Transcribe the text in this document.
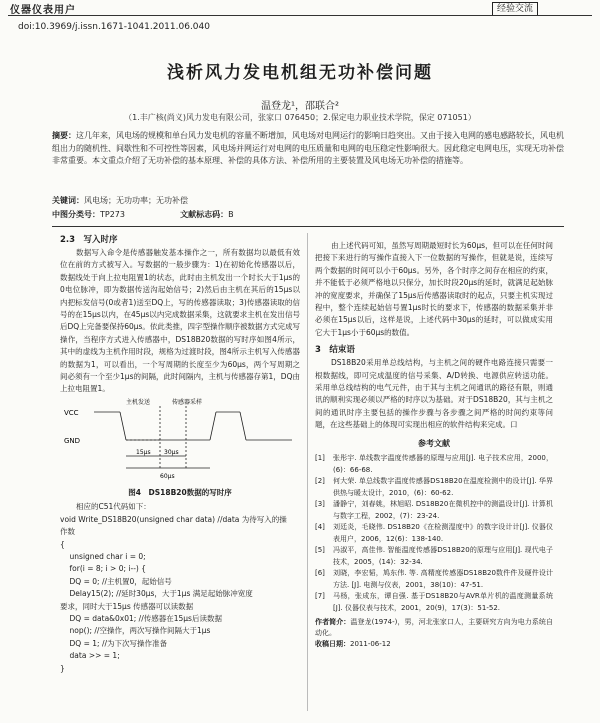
仪器仪表用户	经验交流
doi:10.3969/j.issn.1671-1041.2011.06.040
浅析风力发电机组无功补偿问题
温登龙¹，邵联合²
（1.丰广核(尚义)风力发电有限公司，张家口 076450；2.保定电力职业技术学院，保定 071051）
摘要：这几年来，风电场的规模和单台风力发电机的容量不断增加，风电场对电网运行的影响日趋突出。又由于接入电网的感电感路较长，风电机组出力的随机性、间歇性和不可控性等因素，风电场并网运行对电网的电压质量和电网的电压稳定性影响很大。因此稳定电网电压，实现无功补偿非常重要。本文重点介绍了无功补偿的基本原理、补偿的具体方法、补偿所用的主要装置及风电场无功补偿的措施等。
关键词：风电场；无功功率；无功补偿
中图分类号：TP273	文献标志码：B
2.3　写入时序

数据写入命令是传感器触发基本操作之一，所有数据均以最低有效位在前的方式被写入。写数据的一般步骤为：1)在初始化传感器以后，数据线处于向上拉电阻置1的状态，此时由主机发出一个时长大于1μs的0电位脉冲，即为数据传送沟起始信号；2)然后由主机在其后的15μs以内把标发信号(0或者1)送至DQ上，写的传感器读取；3)传感器读取的信号的在15μs以内，在45μs以内完成数据采集，这就要求主机在发出信号后DQ上完备要保持60μs。依此类推，四字型操作顺序被数据方式完成写操作，当程序方式进入传感器中，DS18B20数据的写时序如图4所示，其中的虚线为主机作用时段，规格为过渡时段，图4所示主机写入传感器的数据为1，可以看出，一个写周期的长度至少为60μs，两个写周期之间必须有一个至少1μs的间隔，此时间隔内，主机与传感器存第1，DQ由上拉电阻置1。

主机发送	传感器采样
VCC
GND
15μs 30μs
60μs
图4　DS18B20数据的写时序

相应的C51代码如下：

void Write_DS18B20(unsigned char data) //data 为待写入的操
作数
{
unsigned char i = 0;
for(i = 8; i > 0; i--) {
DQ = 0; //主机置0，起始信号
Delay15(2); //延时30μs，大于1μs 满足起始脉冲宽度
要求，同时大于15μs 传感器可以读数据
DQ = data&0x01; //传感器在15μs后读数据
nop(); //空操作，两次写操作间隔大于1μs
DQ = 1; //为下次写操作准备
data >> = 1;
}

由上述代码可知，虽然写周期最短时长为60μs，但可以在任何时间把接下来进行的写操作直接入下一位数据的写操作，但就是说，连续写两个数据的时间可以小于60μs。另外，各个时序之间存在相应的约束，并不能低于必须严格地以只保分，加长时段20μs的延时，就满足起始脉冲的宽度要求，并确保了15μs后传感器读取时的起点，只要主机实现过程中，整个连续起始信号置1μs时长的要求下，传感器的数据采集并非必须在15μs以后，这样是说，上述代码中30μs的延时，可以做成实用它大于1μs小于60μs的数值。

3　结束语

DS18B20采用单总线结构，与主机之间的硬件电路连接只需要一根数据线，即可完成温度的信号采集、A/D转换、电源供应转送功能。采用单总线结构的电气元件，由于其与主机之间通讯的路径有限，则通讯的顺利实现必须以严格的时序以为基础。对于DS18B20，其与主机之间的通讯时序主要包括的操作步骤与各步骤之间严格的时间约束等问题，在这些基础上的体现可实现出相应的软件结构来完成。口

参考文献
[1]	张彤宇. 单线数字温度传感器的原理与应用[J]. 电子技术应用，2000，(6)：66-68.
[2]	何大荣. 单总线数字温度传感器DS18B20在温度检测中的设计[J]. 华界供热与暖太设计，2010，(6)：60-62.
[3]	潘静宁，刘春姚，林旭昭. DS18B20在微机控中的测温设计[J]. 计算机与数字工程，2002，(7)：23-24.
[4]	刘廷炎，毛晓伟. DS18B20《在检测湿度中》的数字设计计[J]. 仪器仪表用户，2006，12(6)：138-140.
[5]	冯淑平，高佳伟. 智能温度传感器DS18B20的原理与应用[J]. 现代电子技术，2005，(14)：32-34.
[6]	刘晓，李宏韬，鸠东伟. 等. 高精度传感器DS18B20数件件及硬件设计方法. [J]. 电测与仪表，2001，38(10)：47-51.
[7]	马杨，张成东，谭自强. 基于DS18B20与AVR单片机的温度测量系统[J]. 仪器仪表与技术，2001，20(9)，17(3)：51-52.
作者简介：温登龙(1974-)，男，河北张家口人，主要研究方向为电力系统自动化。
收稿日期：2011-06-12
